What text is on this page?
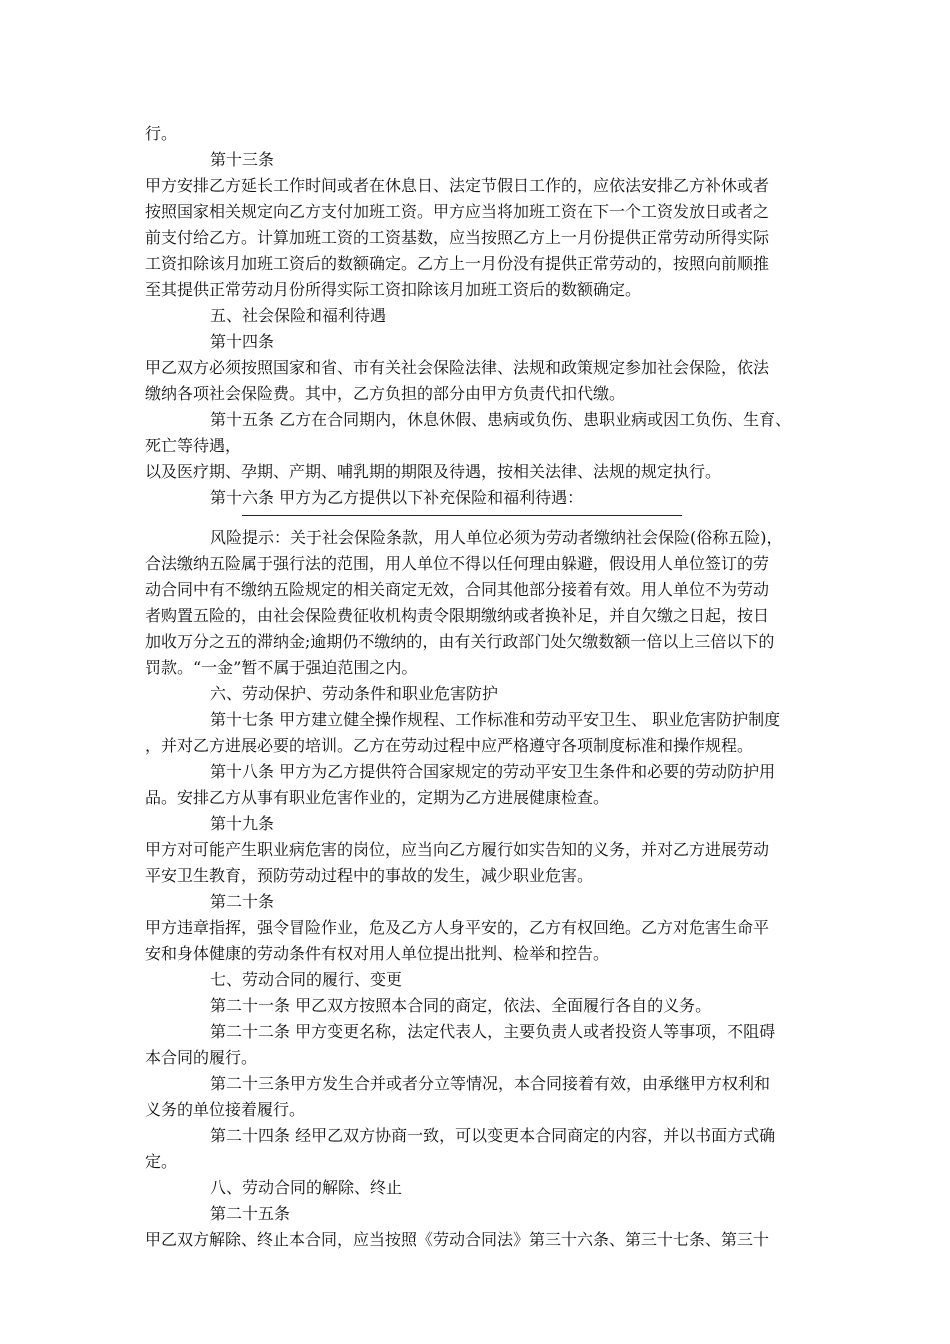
行。
第十三条
甲方安排乙方延长工作时间或者在休息日、法定节假日工作的，应依法安排乙方补休或者
按照国家相关规定向乙方支付加班工资。甲方应当将加班工资在下一个工资发放日或者之
前支付给乙方。计算加班工资的工资基数，应当按照乙方上一月份提供正常劳动所得实际
工资扣除该月加班工资后的数额确定。乙方上一月份没有提供正常劳动的，按照向前顺推
至其提供正常劳动月份所得实际工资扣除该月加班工资后的数额确定。
五、社会保险和福利待遇
第十四条
甲乙双方必须按照国家和省、市有关社会保险法律、法规和政策规定参加社会保险，依法
缴纳各项社会保险费。其中，乙方负担的部分由甲方负责代扣代缴。
第十五条 乙方在合同期内，休息休假、患病或负伤、患职业病或因工负伤、生育、
死亡等待遇，
以及医疗期、孕期、产期、哺乳期的期限及待遇，按相关法律、法规的规定执行。
第十六条 甲方为乙方提供以下补充保险和福利待遇：
风险提示：关于社会保险条款，用人单位必须为劳动者缴纳社会保险(俗称五险)，
合法缴纳五险属于强行法的范围，用人单位不得以任何理由躲避，假设用人单位签订的劳
动合同中有不缴纳五险规定的相关商定无效，合同其他部分接着有效。用人单位不为劳动
者购置五险的，由社会保险费征收机构责令限期缴纳或者换补足，并自欠缴之日起，按日
加收万分之五的滞纳金;逾期仍不缴纳的，由有关行政部门处欠缴数额一倍以上三倍以下的
罚款。“一金”暂不属于强迫范围之内。
六、劳动保护、劳动条件和职业危害防护
第十七条 甲方建立健全操作规程、工作标准和劳动平安卫生、 职业危害防护制度
，并对乙方进展必要的培训。乙方在劳动过程中应严格遵守各项制度标准和操作规程。
第十八条 甲方为乙方提供符合国家规定的劳动平安卫生条件和必要的劳动防护用
品。安排乙方从事有职业危害作业的，定期为乙方进展健康检查。
第十九条
甲方对可能产生职业病危害的岗位，应当向乙方履行如实告知的义务，并对乙方进展劳动
平安卫生教育，预防劳动过程中的事故的发生，减少职业危害。
第二十条
甲方违章指挥，强令冒险作业，危及乙方人身平安的，乙方有权回绝。乙方对危害生命平
安和身体健康的劳动条件有权对用人单位提出批判、检举和控告。
七、劳动合同的履行、变更
第二十一条 甲乙双方按照本合同的商定，依法、全面履行各自的义务。
第二十二条 甲方变更名称，法定代表人，主要负责人或者投资人等事项，不阻碍
本合同的履行。
第二十三条甲方发生合并或者分立等情况，本合同接着有效，由承继甲方权利和
义务的单位接着履行。
第二十四条 经甲乙双方协商一致，可以变更本合同商定的内容，并以书面方式确
定。
八、劳动合同的解除、终止
第二十五条
甲乙双方解除、终止本合同，应当按照《劳动合同法》第三十六条、第三十七条、第三十
